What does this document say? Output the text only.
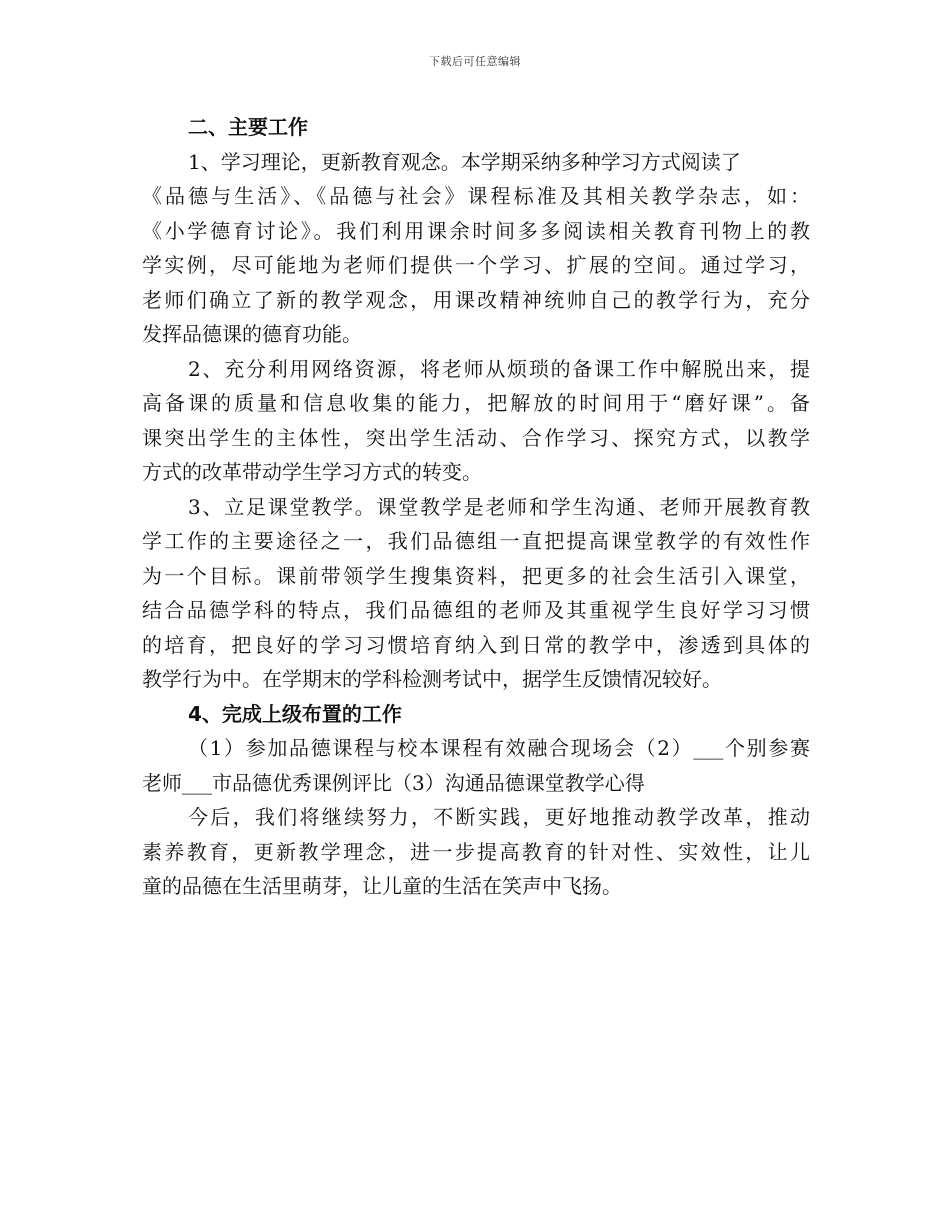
下载后可任意编辑
二、主要工作
1、学习理论，更新教育观念。本学期采纳多种学习方式阅读了
《品德与生活》、《品德与社会》课程标准及其相关教学杂志，如：
《小学德育讨论》。我们利用课余时间多多阅读相关教育刊物上的教
学实例，尽可能地为老师们提供一个学习、扩展的空间。通过学习，
老师们确立了新的教学观念，用课改精神统帅自己的教学行为，充分
发挥品德课的德育功能。
2、充分利用网络资源，将老师从烦琐的备课工作中解脱出来，提
高备课的质量和信息收集的能力，把解放的时间用于“磨好课”。备
课突出学生的主体性，突出学生活动、合作学习、探究方式，以教学
方式的改革带动学生学习方式的转变。
3、立足课堂教学。课堂教学是老师和学生沟通、老师开展教育教
学工作的主要途径之一，我们品德组一直把提高课堂教学的有效性作
为一个目标。课前带领学生搜集资料，把更多的社会生活引入课堂，
结合品德学科的特点，我们品德组的老师及其重视学生良好学习习惯
的培育，把良好的学习习惯培育纳入到日常的教学中，渗透到具体的
教学行为中。在学期末的学科检测考试中，据学生反馈情况较好。
4、完成上级布置的工作
（1）参加品德课程与校本课程有效融合现场会（2）___个别参赛
老师___市品德优秀课例评比（3）沟通品德课堂教学心得
今后，我们将继续努力，不断实践，更好地推动教学改革，推动
素养教育，更新教学理念，进一步提高教育的针对性、实效性，让儿
童的品德在生活里萌芽，让儿童的生活在笑声中飞扬。
